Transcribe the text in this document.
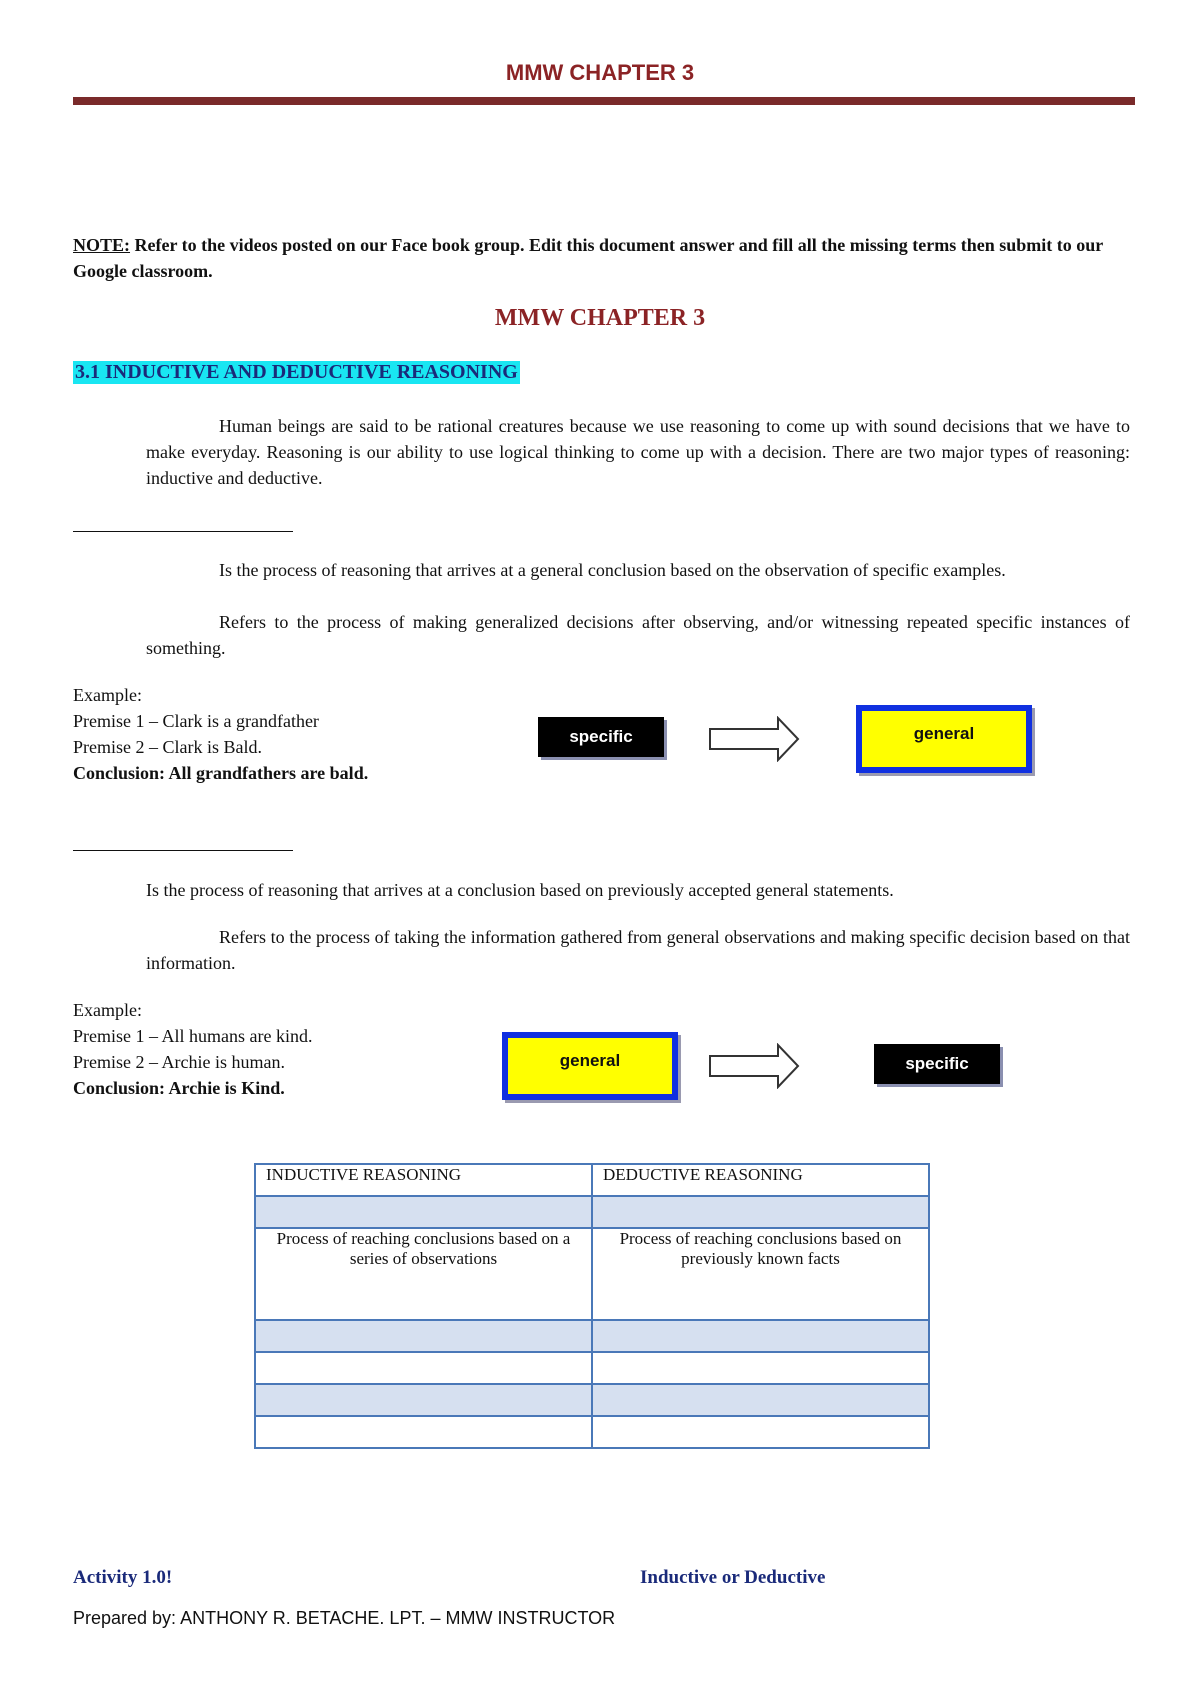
MMW CHAPTER 3
NOTE: Refer to the videos posted on our Face book group. Edit this document answer and fill all the missing terms then submit to our Google classroom.
MMW CHAPTER 3
3.1 INDUCTIVE AND DEDUCTIVE REASONING
Human beings are said to be rational creatures because we use reasoning to come up with sound decisions that we have to make everyday. Reasoning is our ability to use logical thinking to come up with a decision. There are two major types of reasoning: inductive and deductive.
Is the process of reasoning that arrives at a general conclusion based on the observation of specific examples.
Refers to the process of making generalized decisions after observing, and/or witnessing repeated specific instances of something.
Example:
Premise 1 – Clark is a grandfather
Premise 2 – Clark is Bald.
Conclusion: All grandfathers are bald.
specific	general
Is the process of reasoning that arrives at a conclusion based on previously accepted general statements.
Refers to the process of taking the information gathered from general observations and making specific decision based on that information.
Example:
Premise 1 – All humans are kind.
Premise 2 – Archie is human.
Conclusion: Archie is Kind.
general	specific
INDUCTIVE REASONING	DEDUCTIVE REASONING

Process of reaching conclusions based on a series of observations	Process of reaching conclusions based on previously known facts

Activity 1.0!	Inductive or Deductive
Prepared by: ANTHONY R. BETACHE. LPT. – MMW INSTRUCTOR
